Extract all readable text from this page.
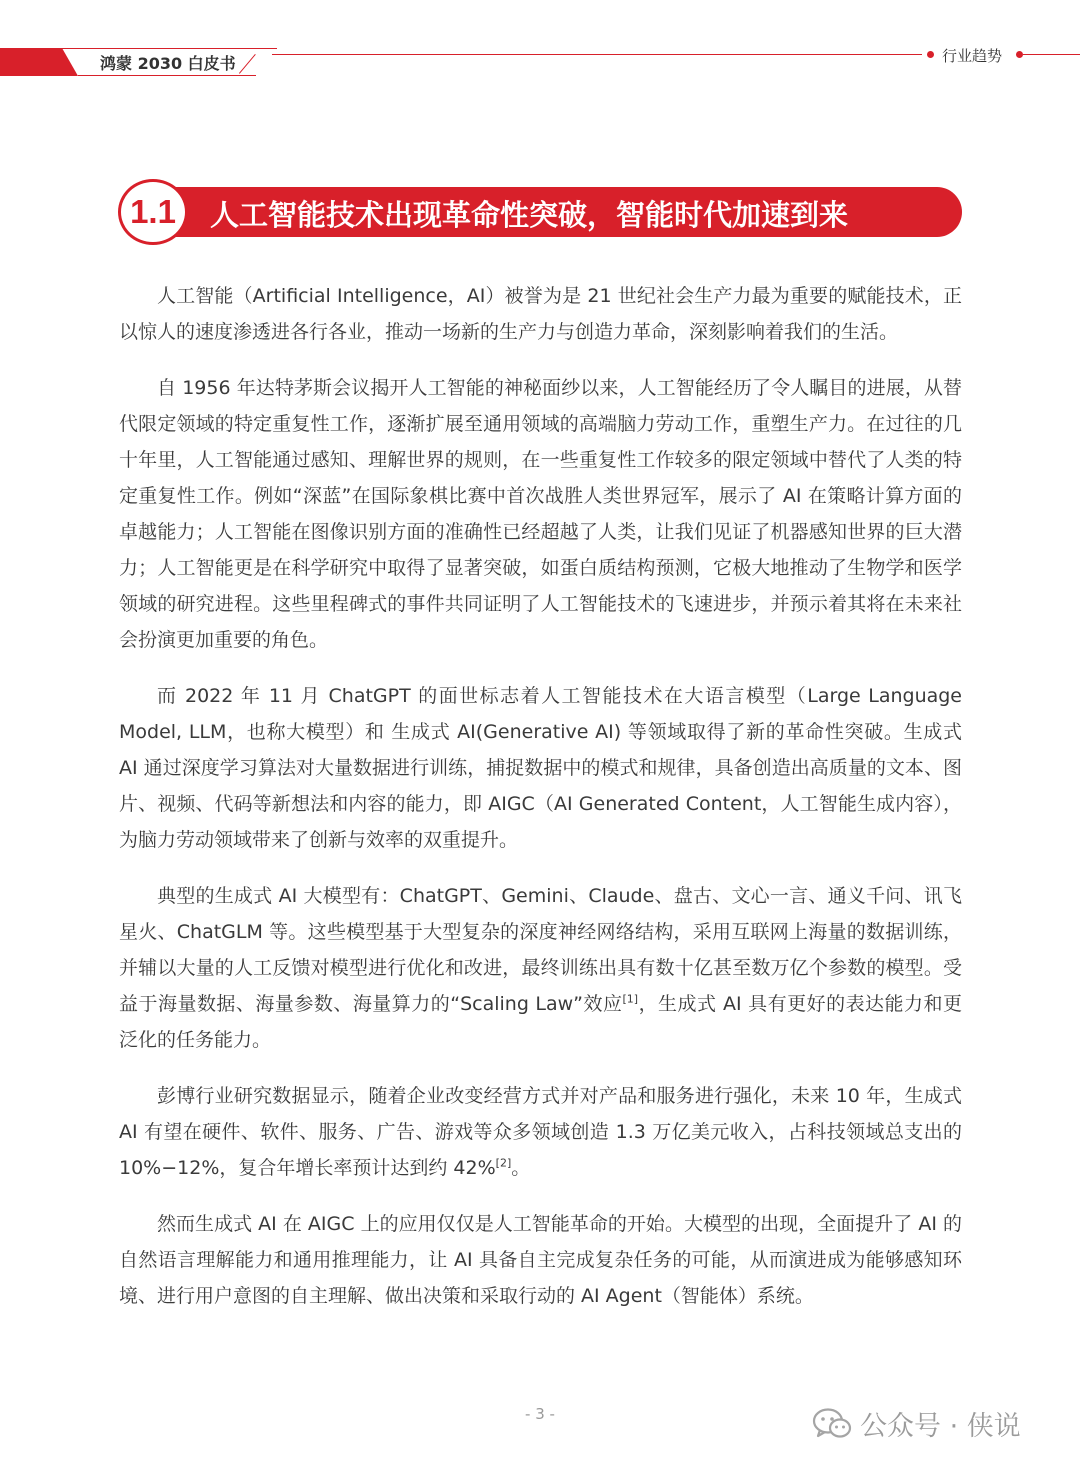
鸿蒙 2030 白皮书	行业趋势
1.1 人工智能技术出现革命性突破，智能时代加速到来

人工智能（Artificial Intelligence，AI）被誉为是 21 世纪社会生产力最为重要的赋能技术，正以惊人的速度渗透进各行各业，推动一场新的生产力与创造力革命，深刻影响着我们的生活。

自 1956 年达特茅斯会议揭开人工智能的神秘面纱以来，人工智能经历了令人瞩目的进展，从替代限定领域的特定重复性工作，逐渐扩展至通用领域的高端脑力劳动工作，重塑生产力。在过往的几十年里，人工智能通过感知、理解世界的规则，在一些重复性工作较多的限定领域中替代了人类的特定重复性工作。例如“深蓝”在国际象棋比赛中首次战胜人类世界冠军，展示了 AI 在策略计算方面的卓越能力；人工智能在图像识别方面的准确性已经超越了人类，让我们见证了机器感知世界的巨大潜力；人工智能更是在科学研究中取得了显著突破，如蛋白质结构预测，它极大地推动了生物学和医学领域的研究进程。这些里程碑式的事件共同证明了人工智能技术的飞速进步，并预示着其将在未来社会扮演更加重要的角色。

而 2022 年 11 月 ChatGPT 的面世标志着人工智能技术在大语言模型（Large Language Model, LLM，也称大模型）和 生成式 AI(Generative AI) 等领域取得了新的革命性突破。生成式 AI 通过深度学习算法对大量数据进行训练，捕捉数据中的模式和规律，具备创造出高质量的文本、图片、视频、代码等新想法和内容的能力，即 AIGC（AI Generated Content，人工智能生成内容），为脑力劳动领域带来了创新与效率的双重提升。

典型的生成式 AI 大模型有：ChatGPT、Gemini、Claude、盘古、文心一言、通义千问、讯飞星火、ChatGLM 等。这些模型基于大型复杂的深度神经网络结构，采用互联网上海量的数据训练，并辅以大量的人工反馈对模型进行优化和改进，最终训练出具有数十亿甚至数万亿个参数的模型。受益于海量数据、海量参数、海量算力的“Scaling Law”效应[1]，生成式 AI 具有更好的表达能力和更泛化的任务能力。

彭博行业研究数据显示，随着企业改变经营方式并对产品和服务进行强化，未来 10 年，生成式 AI 有望在硬件、软件、服务、广告、游戏等众多领域创造 1.3 万亿美元收入，占科技领域总支出的 10%−12%，复合年增长率预计达到约 42%[2]。

然而生成式 AI 在 AIGC 上的应用仅仅是人工智能革命的开始。大模型的出现，全面提升了 AI 的自然语言理解能力和通用推理能力，让 AI 具备自主完成复杂任务的可能，从而演进成为能够感知环境、进行用户意图的自主理解、做出决策和采取行动的 AI Agent（智能体）系统。

- 3 -	公众号 · 侠说
